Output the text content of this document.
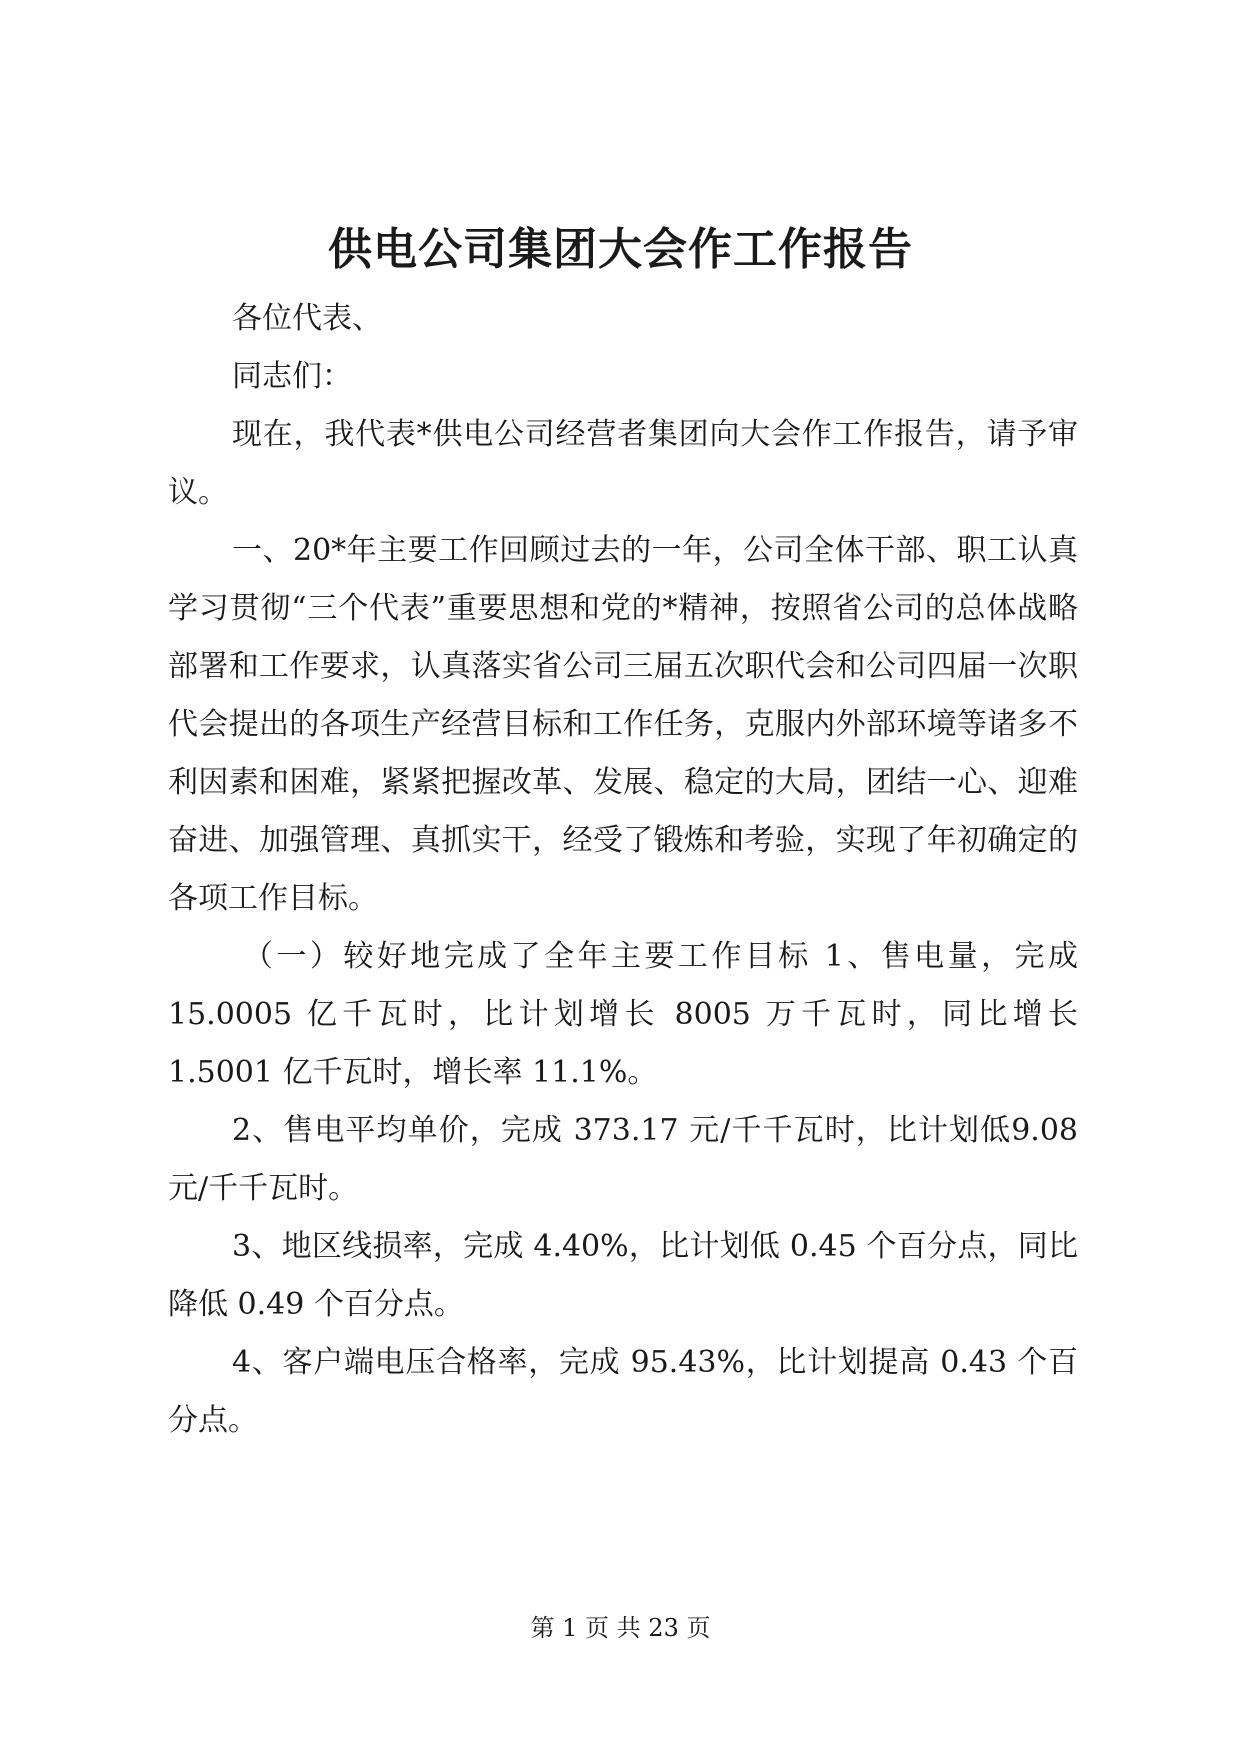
供电公司集团大会作工作报告

各位代表、

同志们：

现在，我代表*供电公司经营者集团向大会作工作报告，请予审议。

一、20*年主要工作回顾过去的一年，公司全体干部、职工认真学习贯彻“三个代表”重要思想和党的*精神，按照省公司的总体战略部署和工作要求，认真落实省公司三届五次职代会和公司四届一次职代会提出的各项生产经营目标和工作任务，克服内外部环境等诸多不利因素和困难，紧紧把握改革、发展、稳定的大局，团结一心、迎难奋进、加强管理、真抓实干，经受了锻炼和考验，实现了年初确定的各项工作目标。

（一）较好地完成了全年主要工作目标 1、售电量，完成15.0005 亿千瓦时，比计划增长 8005 万千瓦时，同比增长 1.5001 亿千瓦时，增长率 11.1%。

2、售电平均单价，完成 373.17 元/千千瓦时，比计划低9.08 元/千千瓦时。

3、地区线损率，完成 4.40%，比计划低 0.45 个百分点，同比降低 0.49 个百分点。

4、客户端电压合格率，完成 95.43%，比计划提高 0.43 个百分点。

第 1 页 共 23 页
